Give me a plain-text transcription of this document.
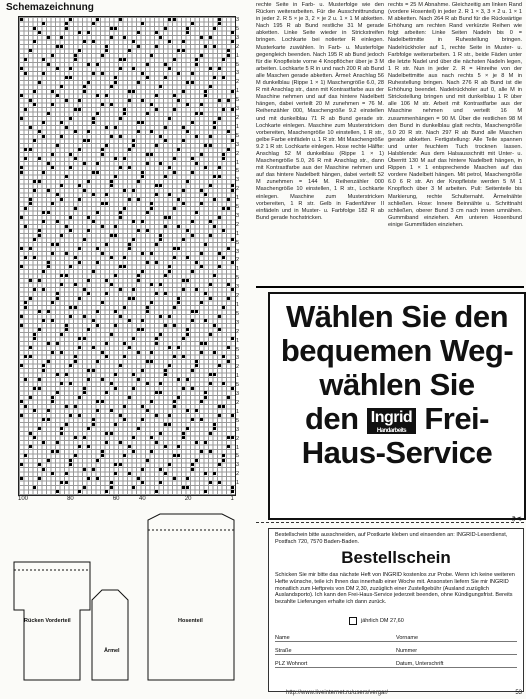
Schemazeichnung
3
5
3
2
1
5
3
2
1
5
3
2
1
5
3
2
1
5
3
2
1
5
3
2
1
5
3
2
1
5
3
2
1
5
3
2
1
5
3
2
1
5
3
2
1
5
3
2
1
5
3
2
1
100	80	60	40	20	1
rechte Seite in Farb- u. Musterfolge wie den Rücken weiterarbeiten. Für die Ausschnittrundung in jeder 2. R 5 × je 3, 2 × je 2 u. 1 × 1 M abketten. Nach 195 R ab Bund restliche 31 M gerade abketten. Linke Seite wieder in Strickstreifen bringen. Lochkarte bei notierter R einlegen. Musterkarte zuwählen. In Farb- u. Musterfolge gegengleich beenden. Nach 195 R ab Bund jedoch für die Knopfleiste vorne 4 Knopflöcher über je 3 M arbeiten. Lochkarte 5 R in und nach 200 R ab Bund alle Maschen gerade abketten. Ärmel: Anschlag 56 M dunkelblau (Rippe 1 × 1) Maschengröße 6.0, 28 R mit Anschlag str., dann mit Kontrastfarbe aus der Maschine nehmen und auf das hintere Nadelbett hängen, dabei verteilt 20 M zunehmen = 76 M. Reihenzähler 000, Maschengröße 9.2 einstellen und mit dunkelblau 71 R ab Bund gerade str. Lochkarte einlegen. Maschine zum Musterstricken vorbereiten, Maschengröße 10 einstellen, 1 R str., gelbe Farbe einfädeln u. 1 R str. Mit Maschengröße 9.2 1 R str. Lochkarte einlegen. Hose rechte Hälfte: Anschlag 52 M dunkelblau (Rippe 1 × 1) Maschengröße 5.0, 26 R mit Anschlag str., dann mit Kontrastfarbe aus der Maschine nehmen und auf das hintere Nadelbett hängen, dabei verteilt 52 M zunehmen = 144 M. Reihenzähler 000 Maschengröße 10 einstellen, 1 R str., Lochkarte einlegen. Maschine zum Musterstricken vorbereiten, 1 R str. Gelb in Fadenführer II einfädeln und in Muster- u. Farbfolge 182 R ab Bund gerade hochstricken.
rechts = 25 M Abnahme. Gleichzeitig am linken Rand (vordere Hosenteil) in jeder 2. R 1 × 3, 3 × 2 u. 1 × 1 M abketten. Nach 264 R ab Bund für die Rückwärtige Erhöhung am rechten Rand verkürzte Reihen wie folgt arbeiten: Linke Seiten Nadeln bis 0 = Nadelbettmitte in Ruhestellung bringen. Nadelrückholer auf 1, rechte Seite in Muster- u. Farbfolge weiterarbeiten. 1 R str., beide Fäden unter die letzte Nadel und über die nächsten Nadeln legen, 1 R str. Nun in jeder 2. R = Hinreihe von der Nadelbettmitte aus nach rechts 5 × je 8 M in Ruhestellung bringen. Nach 276 R ab Bund ist die Erhöhung beendet. Nadelrückholer auf 0, alle M in Strickstellung bringen und mit dunkelblau 1 R über alle 106 M str. Arbeit mit Kontrastfarbe aus der Maschine nehmen und verteilt 16 M zusammenhängen = 90 M. Über die restlichen 98 M den Bund in dunkelblau glatt rechts, Maschengröße 9.0 20 R str. Nach 297 R ab Bund alle Maschen gerade abketten. Fertigstellung: Alle Teile spannen und unter feuchtem Tuch trocknen lassen. Halsblende: Aus dem Halsausschnitt mit Unter- u. Überritt 130 M auf das hintere Nadelbett hängen, in Rippen 1 × 1 entsprechende Maschen auf das vordere Nadelbett hängen. Mit petrol, Maschengröße 6.0 6 R str. An der Knopfleiste werden 5 M 1 Knopfloch über 3 M arbeiten. Puli: Seitenteile bis Markierung, rechte Schulternaht. Ärmelnähte schließen. Hose: Innere Beinnähte u. Schrittnaht schließen, oberer Bund 3 cm nach innen umnähen. Gummiband einziehen. Am unteren Hosenbund einige Gummifäden einziehen.
Wählen Sie den
bequemen Weg-
wählen Sie
den Ingrid
Handarbeits Frei-
Haus-Service
✂
Bestellschein bitte ausschneiden, auf Postkarte kleben und einsenden an: INGRID-Leserdienst, Postfach 720, 7570 Baden-Baden.
Bestellschein
Schicken Sie mir bitte das nächste Heft von INGRID kostenlos zur Probe. Wenn ich keine weiteren Hefte wünsche, teile ich Ihnen das innerhalb einer Woche mit. Ansonsten liefern Sie mir INGRID monatlich zum Heftpreis von DM 2,30, zuzüglich einer Zustellgebühr (Ausland zuzüglich Auslandsporto). Ich kann den Frei-Haus-Service jederzeit beenden, ohne Kündigungsfrist. Bereits bezahlte Lieferungen erhalte ich dann zurück.
jährlich DM 27,60
Name	Vorname
Straße	Nummer
PLZ Wohnort	Datum, Unterschrift
Rücken Vorderteil
Ärmel
Hosenteil
http://www.liveinternet.ru/users/vergar/	53
